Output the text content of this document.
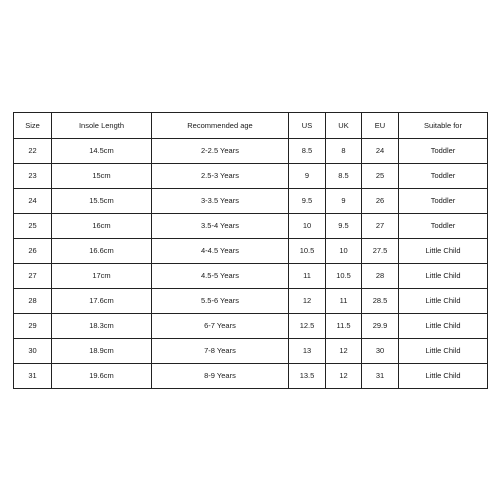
Size	Insole Length	Recommended age	US	UK	EU	Suitable for
22	14.5cm	2-2.5 Years	8.5	8	24	Toddler
23	15cm	2.5-3 Years	9	8.5	25	Toddler
24	15.5cm	3-3.5 Years	9.5	9	26	Toddler
25	16cm	3.5-4 Years	10	9.5	27	Toddler
26	16.6cm	4-4.5 Years	10.5	10	27.5	Little Child
27	17cm	4.5-5 Years	11	10.5	28	Little Child
28	17.6cm	5.5-6 Years	12	11	28.5	Little Child
29	18.3cm	6-7 Years	12.5	11.5	29.9	Little Child
30	18.9cm	7-8 Years	13	12	30	Little Child
31	19.6cm	8-9 Years	13.5	12	31	Little Child
